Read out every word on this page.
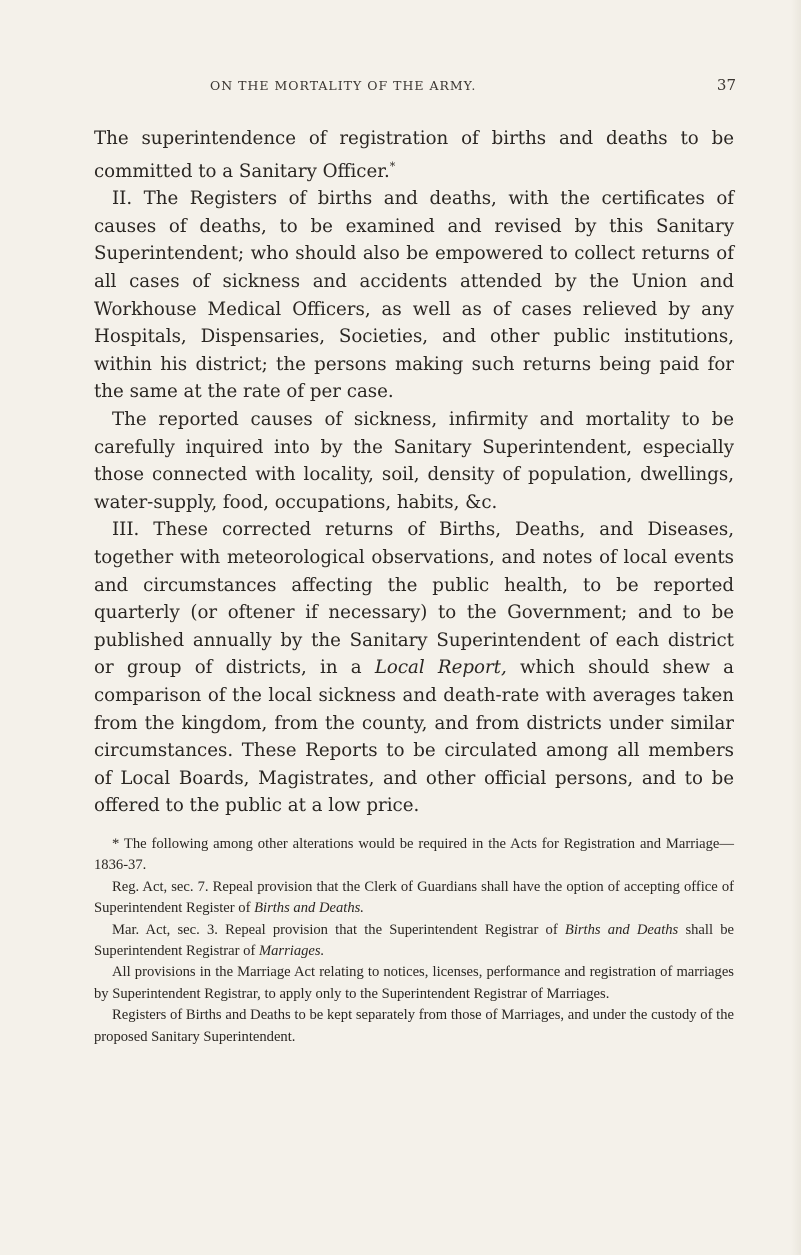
ON THE MORTALITY OF THE ARMY.	37

The superintendence of registration of births and deaths to be committed to a Sanitary Officer.*

II. The Registers of births and deaths, with the certificates of causes of deaths, to be examined and revised by this Sanitary Superintendent; who should also be empowered to collect returns of all cases of sickness and accidents attended by the Union and Workhouse Medical Officers, as well as of cases relieved by any Hospitals, Dispensaries, Societies, and other public institutions, within his district; the persons making such returns being paid for the same at the rate of per case.

The reported causes of sickness, infirmity and mortality to be carefully inquired into by the Sanitary Superintendent, especially those connected with locality, soil, density of population, dwellings, water-supply, food, occupations, habits, &c.

III. These corrected returns of Births, Deaths, and Diseases, together with meteorological observations, and notes of local events and circumstances affecting the public health, to be reported quarterly (or oftener if necessary) to the Government; and to be published annually by the Sanitary Superintendent of each district or group of districts, in a Local Report, which should shew a comparison of the local sickness and death-rate with averages taken from the kingdom, from the county, and from districts under similar circumstances. These Reports to be circulated among all members of Local Boards, Magistrates, and other official persons, and to be offered to the public at a low price.

* The following among other alterations would be required in the Acts for Registration and Marriage—1836-37.

Reg. Act, sec. 7. Repeal provision that the Clerk of Guardians shall have the option of accepting office of Superintendent Register of Births and Deaths.

Mar. Act, sec. 3. Repeal provision that the Superintendent Registrar of Births and Deaths shall be Superintendent Registrar of Marriages.

All provisions in the Marriage Act relating to notices, licenses, performance and registration of marriages by Superintendent Registrar, to apply only to the Superintendent Registrar of Marriages.

Registers of Births and Deaths to be kept separately from those of Marriages, and under the custody of the proposed Sanitary Superintendent.
